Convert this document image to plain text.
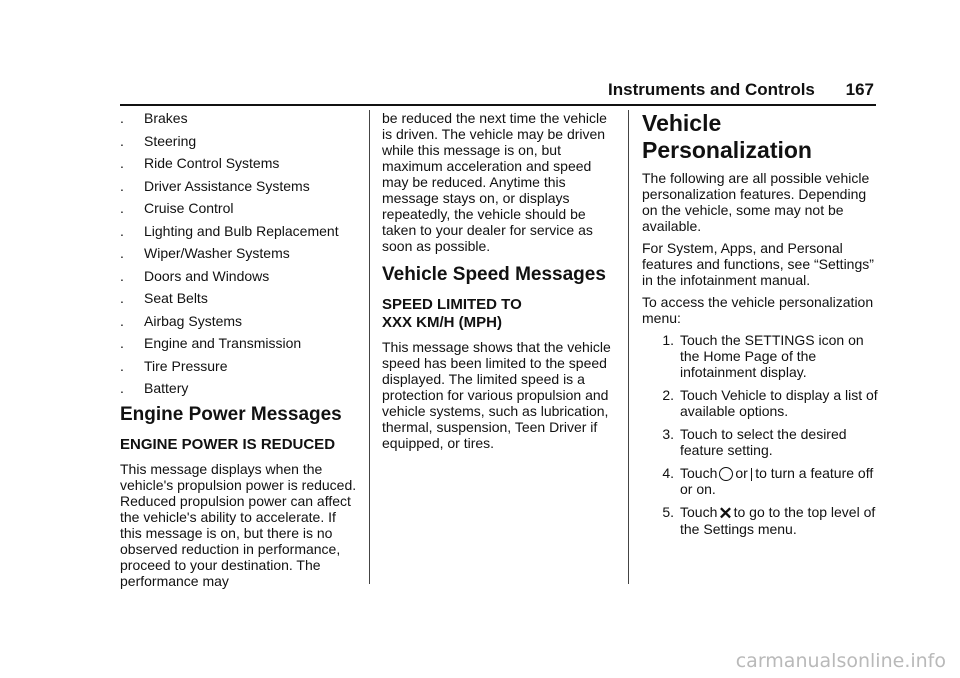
Instruments and Controls 167
.	Brakes
.	Steering
.	Ride Control Systems
.	Driver Assistance Systems
.	Cruise Control
.	Lighting and Bulb Replacement
.	Wiper/Washer Systems
.	Doors and Windows
.	Seat Belts
.	Airbag Systems
.	Engine and Transmission
.	Tire Pressure
.	Battery
Engine Power Messages
ENGINE POWER IS REDUCED

This message displays when the vehicle's propulsion power is reduced. Reduced propulsion power can affect the vehicle's ability to accelerate. If this message is on, but there is no observed reduction in performance, proceed to your destination. The performance may

be reduced the next time the vehicle is driven. The vehicle may be driven while this message is on, but maximum acceleration and speed may be reduced. Anytime this message stays on, or displays repeatedly, the vehicle should be taken to your dealer for service as soon as possible.

Vehicle Speed Messages
SPEED LIMITED TO
XXX KM/H (MPH)

This message shows that the vehicle speed has been limited to the speed displayed. The limited speed is a protection for various propulsion and vehicle systems, such as lubrication, thermal, suspension, Teen Driver if equipped, or tires.

Vehicle
Personalization

The following are all possible vehicle personalization features. Depending on the vehicle, some may not be available.

For System, Apps, and Personal features and functions, see “Settings” in the infotainment manual.

To access the vehicle personalization menu:

1. Touch the SETTINGS icon on the Home Page of the infotainment display.
2. Touch Vehicle to display a list of available options.
3. Touch to select the desired feature setting.
4. Touch or to turn a feature off or on.
5. Touch✕to go to the top level of the Settings menu.
carmanualsonline.info
